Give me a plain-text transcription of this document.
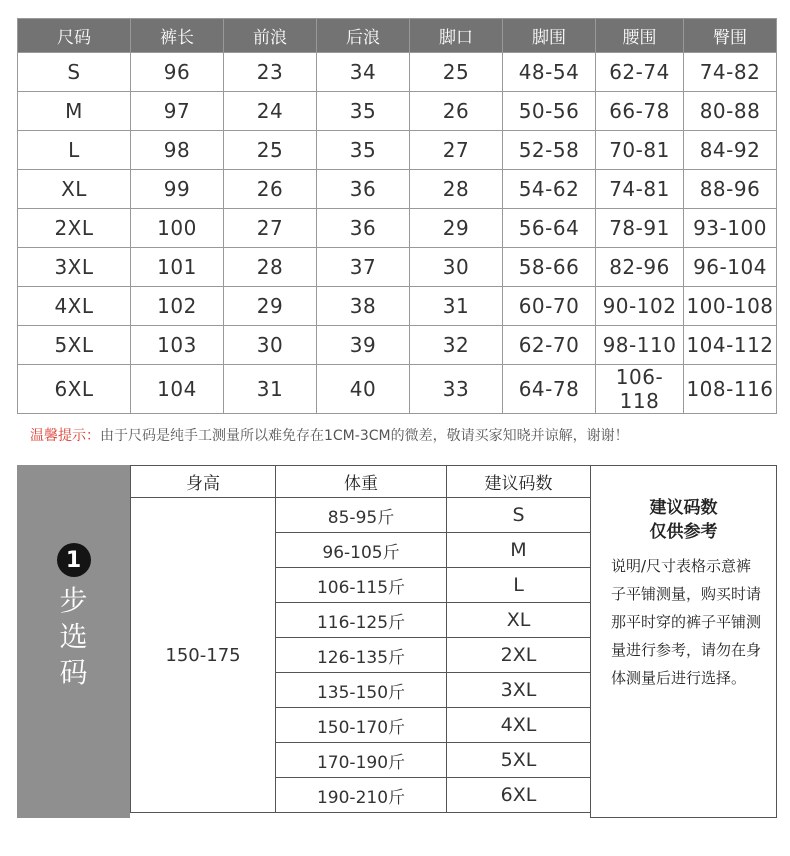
尺码	裤长	前浪	后浪	脚口	脚围	腰围	臀围
S	96	23	34	25	48-54	62-74	74-82
M	97	24	35	26	50-56	66-78	80-88
L	98	25	35	27	52-58	70-81	84-92
XL	99	26	36	28	54-62	74-81	88-96
2XL	100	27	36	29	56-64	78-91	93-100
3XL	101	28	37	30	58-66	82-96	96-104
4XL	102	29	38	31	60-70	90-102	100-108
5XL	103	30	39	32	62-70	98-110	104-112
6XL	104	31	40	33	64-78	106-118	108-116
温馨提示：由于尺码是纯手工测量所以难免存在1CM-3CM的微差，敬请买家知晓并谅解，谢谢！
1
步选码
身高	体重	建议码数
150-175	85-95斤	S
	96-105斤	M
	106-115斤	L
	116-125斤	XL
	126-135斤	2XL
	135-150斤	3XL
	150-170斤	4XL
	170-190斤	5XL
	190-210斤	6XL
建议码数
仅供参考
说明/尺寸表格示意裤子平铺测量，购买时请那平时穿的裤子平铺测量进行参考，请勿在身体测量后进行选择。
